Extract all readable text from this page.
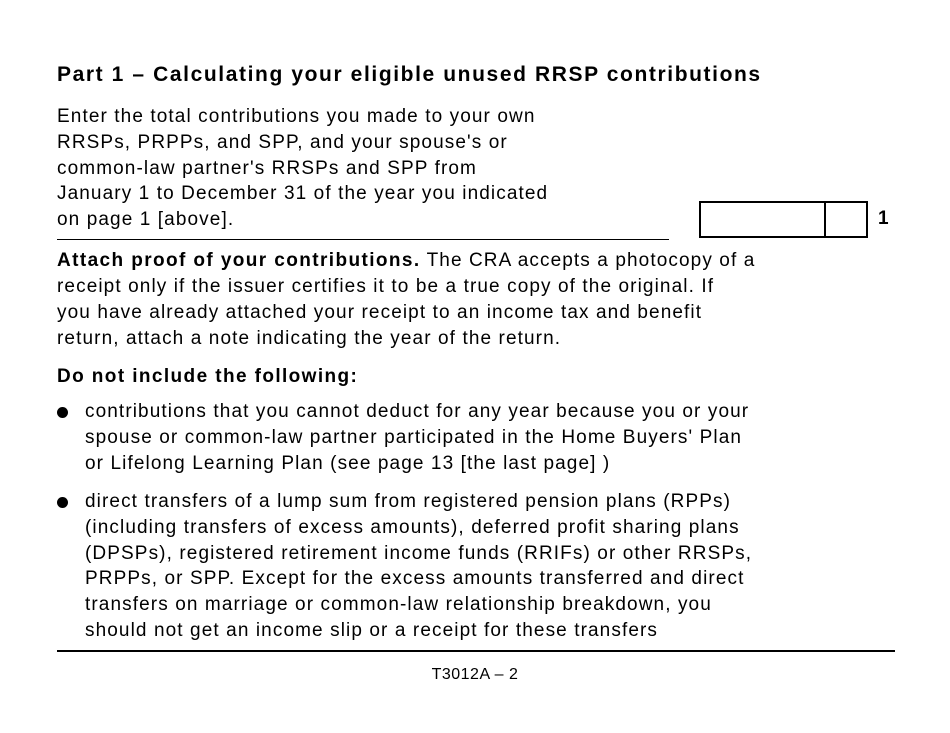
Part 1 – Calculating your eligible unused RRSP contributions

Enter the total contributions you made to your own
RRSPs, PRPPs, and SPP, and your spouse's or
common-law partner's RRSPs and SPP from
January 1 to December 31 of the year you indicated
on page 1 [above].	1

Attach proof of your contributions. The CRA accepts a photocopy of a
receipt only if the issuer certifies it to be a true copy of the original. If
you have already attached your receipt to an income tax and benefit
return, attach a note indicating the year of the return.

Do not include the following:
contributions that you cannot deduct for any year because you or your
spouse or common-law partner participated in the Home Buyers' Plan
or Lifelong Learning Plan (see page 13 [the last page] )
direct transfers of a lump sum from registered pension plans (RPPs)
(including transfers of excess amounts), deferred profit sharing plans
(DPSPs), registered retirement income funds (RRIFs) or other RRSPs,
PRPPs, or SPP. Except for the excess amounts transferred and direct
transfers on marriage or common-law relationship breakdown, you
should not get an income slip or a receipt for these transfers

T3012A – 2
